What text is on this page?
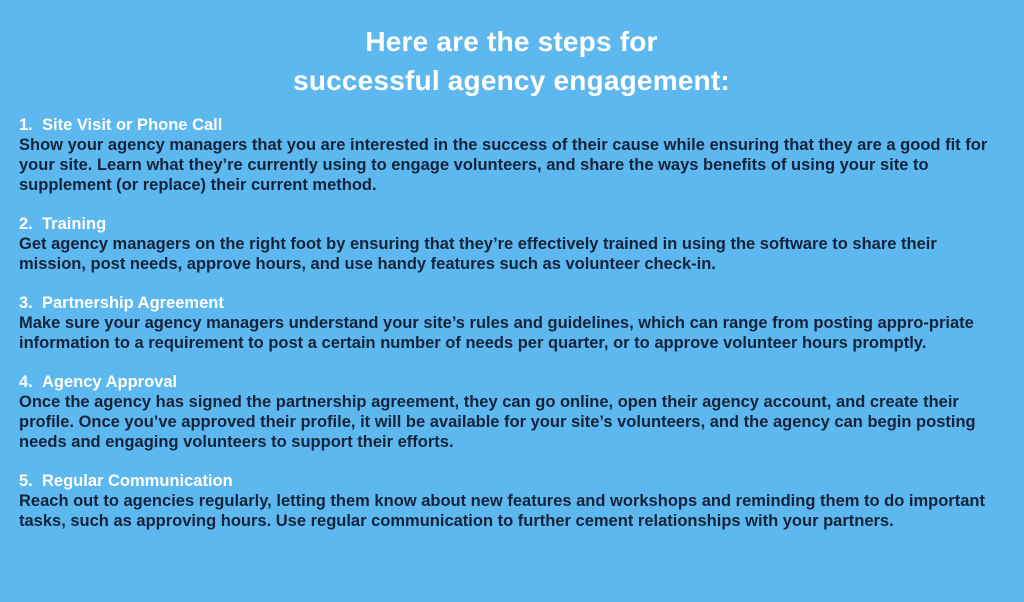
Here are the steps for
successful agency engagement:
1. Site Visit or Phone Call

Show your agency managers that you are interested in the success of their cause while ensuring that they are a good fit for your site. Learn what they’re currently using to engage volunteers, and share the ways benefits of using your site to supplement (or replace) their current method.

2. Training

Get agency managers on the right foot by ensuring that they’re effectively trained in using the software to share their mission, post needs, approve hours, and use handy features such as volunteer check-in.

3. Partnership Agreement

Make sure your agency managers understand your site’s rules and guidelines, which can range from posting appro-priate information to a requirement to post a certain number of needs per quarter, or to approve volunteer hours promptly.

4. Agency Approval

Once the agency has signed the partnership agreement, they can go online, open their agency account, and create their profile. Once you’ve approved their profile, it will be available for your site’s volunteers, and the agency can begin posting needs and engaging volunteers to support their efforts.

5. Regular Communication

Reach out to agencies regularly, letting them know about new features and workshops and reminding them to do important tasks, such as approving hours. Use regular communication to further cement relationships with your partners.
